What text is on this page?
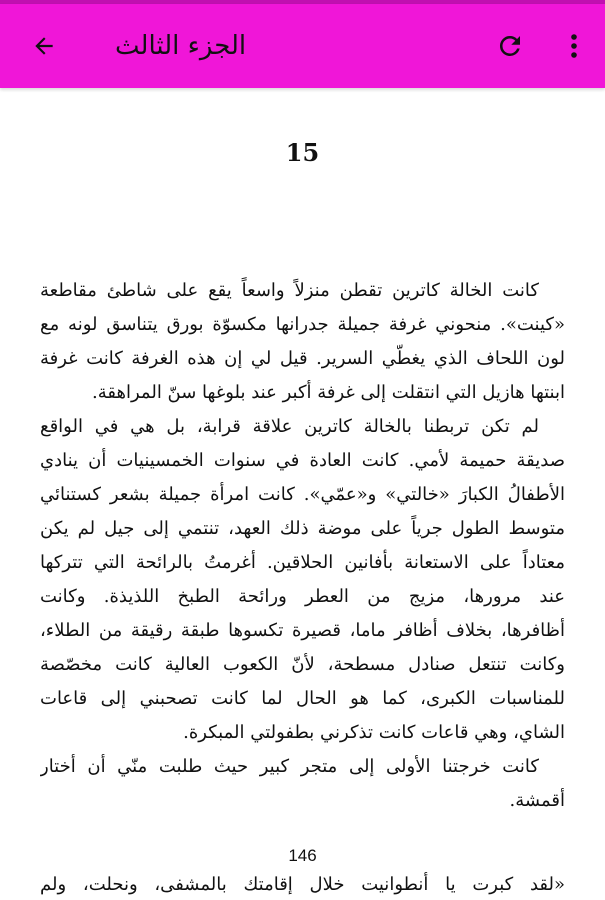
الجزء الثالث
15
كانت الخالة كاترين تقطن منزلاً واسعاً يقع على شاطئ مقاطعة
«كينت». منحوني غرفة جميلة جدرانها مكسوّة بورق يتناسق لونه مع
لون اللحاف الذي يغطّي السرير. قيل لي إن هذه الغرفة كانت غرفة
ابنتها هازيل التي انتقلت إلى غرفة أكبر عند بلوغها سنّ المراهقة.
لم تكن تربطنا بالخالة كاترين علاقة قرابة، بل هي في الواقع
صديقة حميمة لأمي. كانت العادة في سنوات الخمسينيات أن ينادي
الأطفالُ الكبارَ «خالتي» و«عمّي». كانت امرأة جميلة بشعر كستنائي
متوسط الطول جرياً على موضة ذلك العهد، تنتمي إلى جيل لم يكن
معتاداً على الاستعانة بأفانين الحلاقين. أغرمتُ بالرائحة التي تتركها
عند مرورها، مزيج من العطر ورائحة الطبخ اللذيذة. وكانت
أظافرها، بخلاف أظافر ماما، قصيرة تكسوها طبقة رقيقة من الطلاء،
وكانت تنتعل صنادل مسطحة، لأنّ الكعوب العالية كانت مخصّصة
للمناسبات الكبرى، كما هو الحال لما كانت تصحبني إلى قاعات
الشاي، وهي قاعات كانت تذكرني بطفولتي المبكرة.
كانت خرجتنا الأولى إلى متجر كبير حيث طلبت منّي أن أختار
أقمشة.
146
«لقد كبرت يا أنطوانيت خلال إقامتك بالمشفى، ونحلت، ولم
